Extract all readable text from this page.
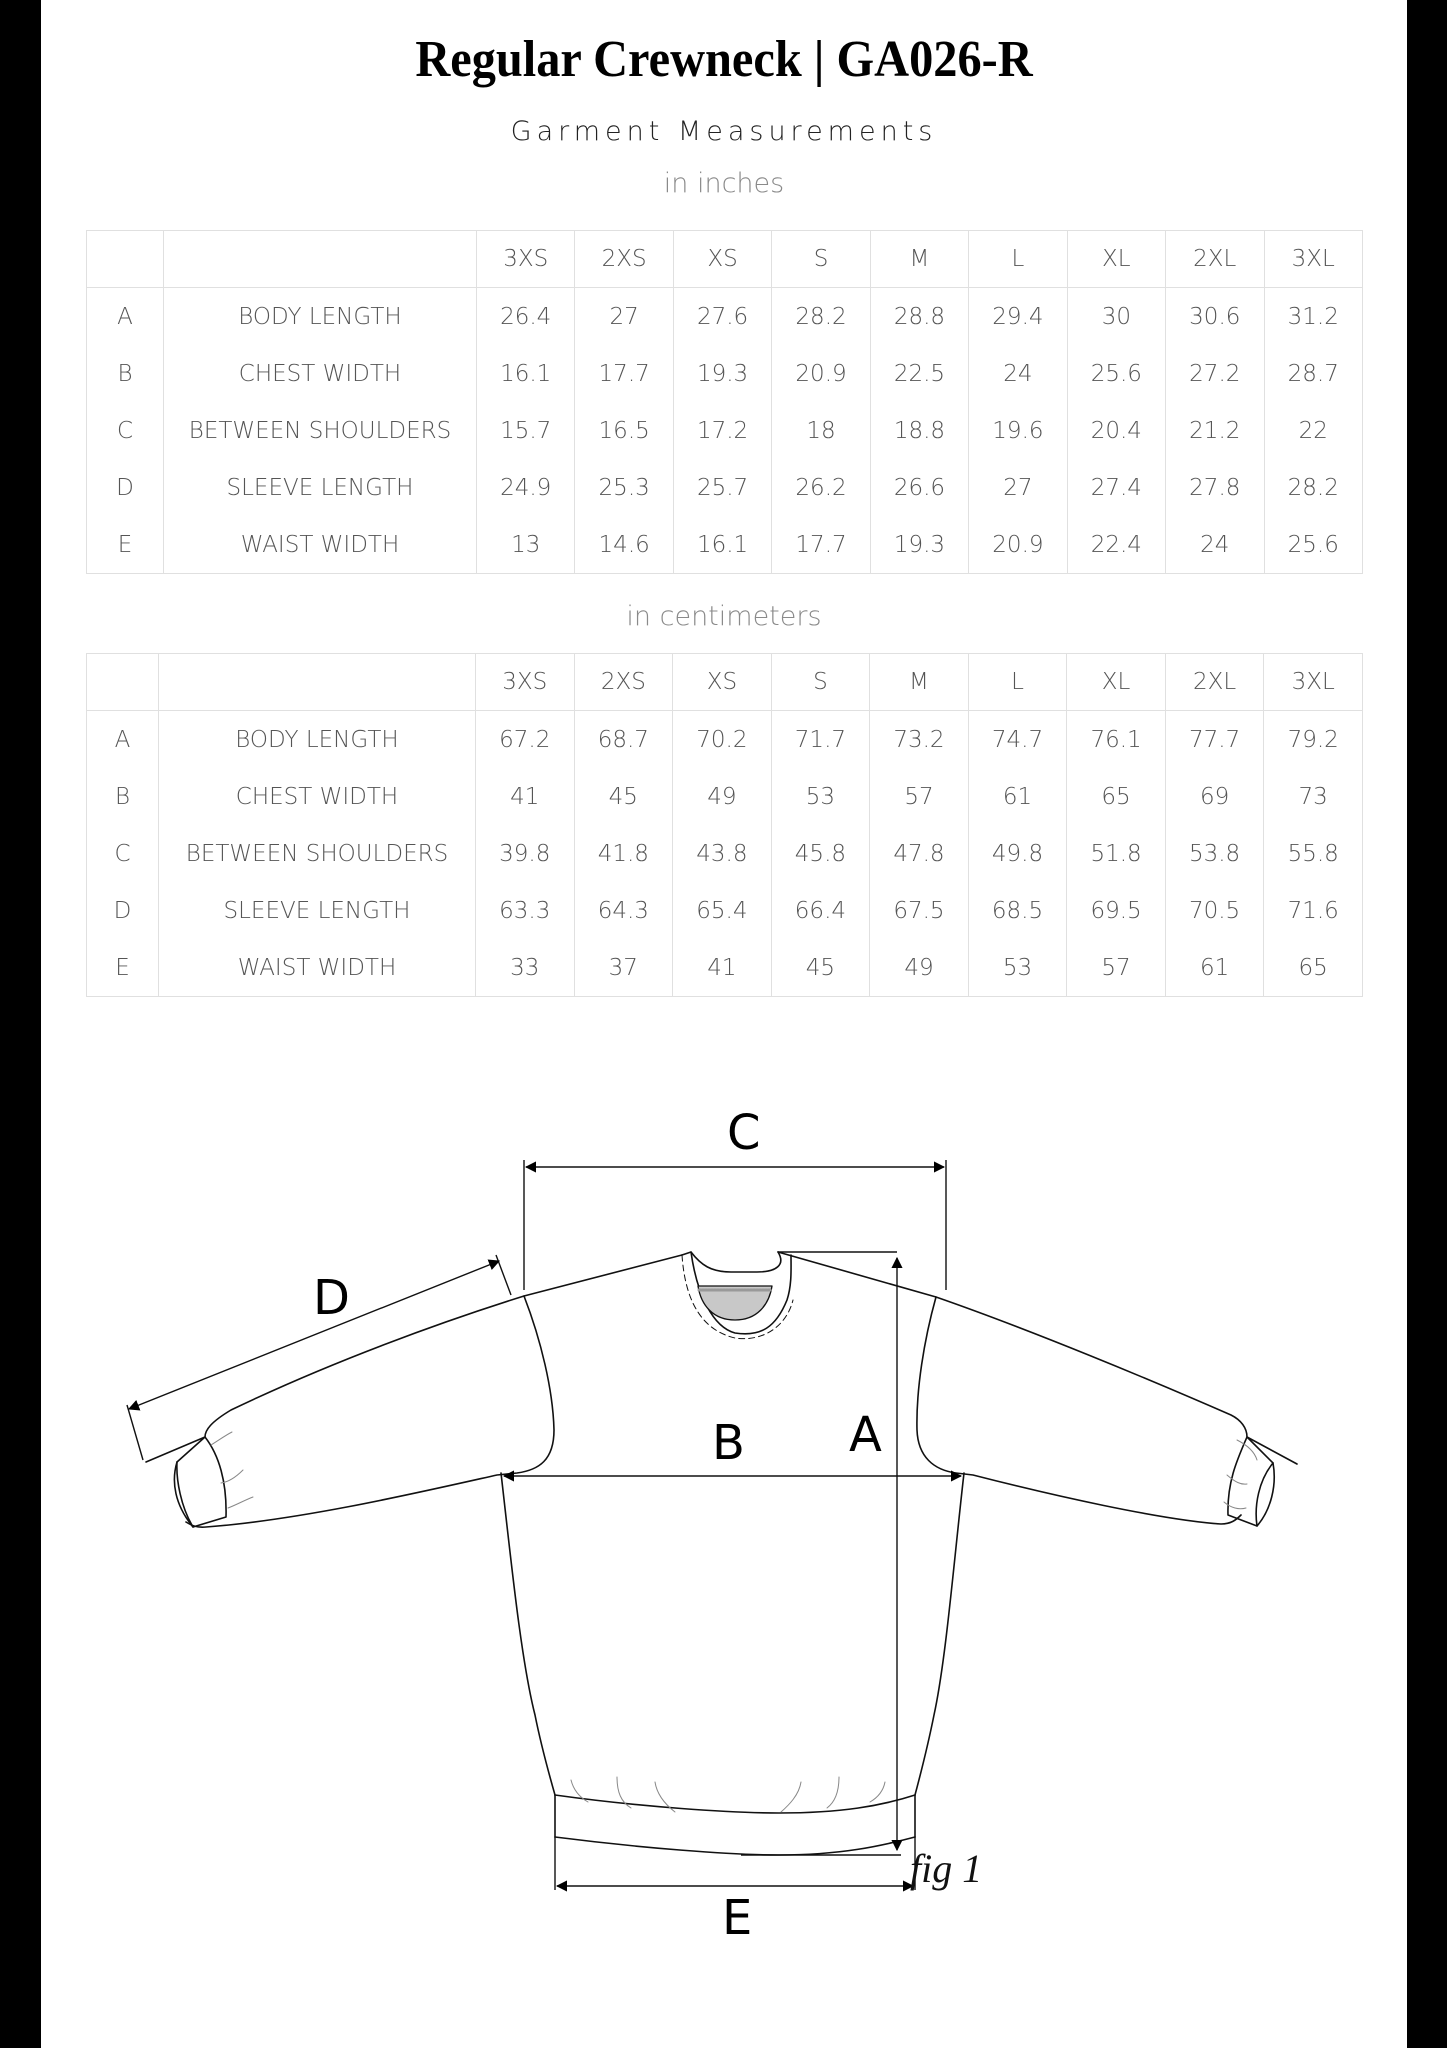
Regular Crewneck | GA026-R
Garment Measurements
in inches
		3XS	2XS	XS	S	M	L	XL	2XL	3XL
A	BODY LENGTH	26.4	27	27.6	28.2	28.8	29.4	30	30.6	31.2
B	CHEST WIDTH	16.1	17.7	19.3	20.9	22.5	24	25.6	27.2	28.7
C	BETWEEN SHOULDERS	15.7	16.5	17.2	18	18.8	19.6	20.4	21.2	22
D	SLEEVE LENGTH	24.9	25.3	25.7	26.2	26.6	27	27.4	27.8	28.2
E	WAIST WIDTH	13	14.6	16.1	17.7	19.3	20.9	22.4	24	25.6
in centimeters
		3XS	2XS	XS	S	M	L	XL	2XL	3XL
A	BODY LENGTH	67.2	68.7	70.2	71.7	73.2	74.7	76.1	77.7	79.2
B	CHEST WIDTH	41	45	49	53	57	61	65	69	73
C	BETWEEN SHOULDERS	39.8	41.8	43.8	45.8	47.8	49.8	51.8	53.8	55.8
D	SLEEVE LENGTH	63.3	64.3	65.4	66.4	67.5	68.5	69.5	70.5	71.6
E	WAIST WIDTH	33	37	41	45	49	53	57	61	65
C
D
B A
E
fig 1
